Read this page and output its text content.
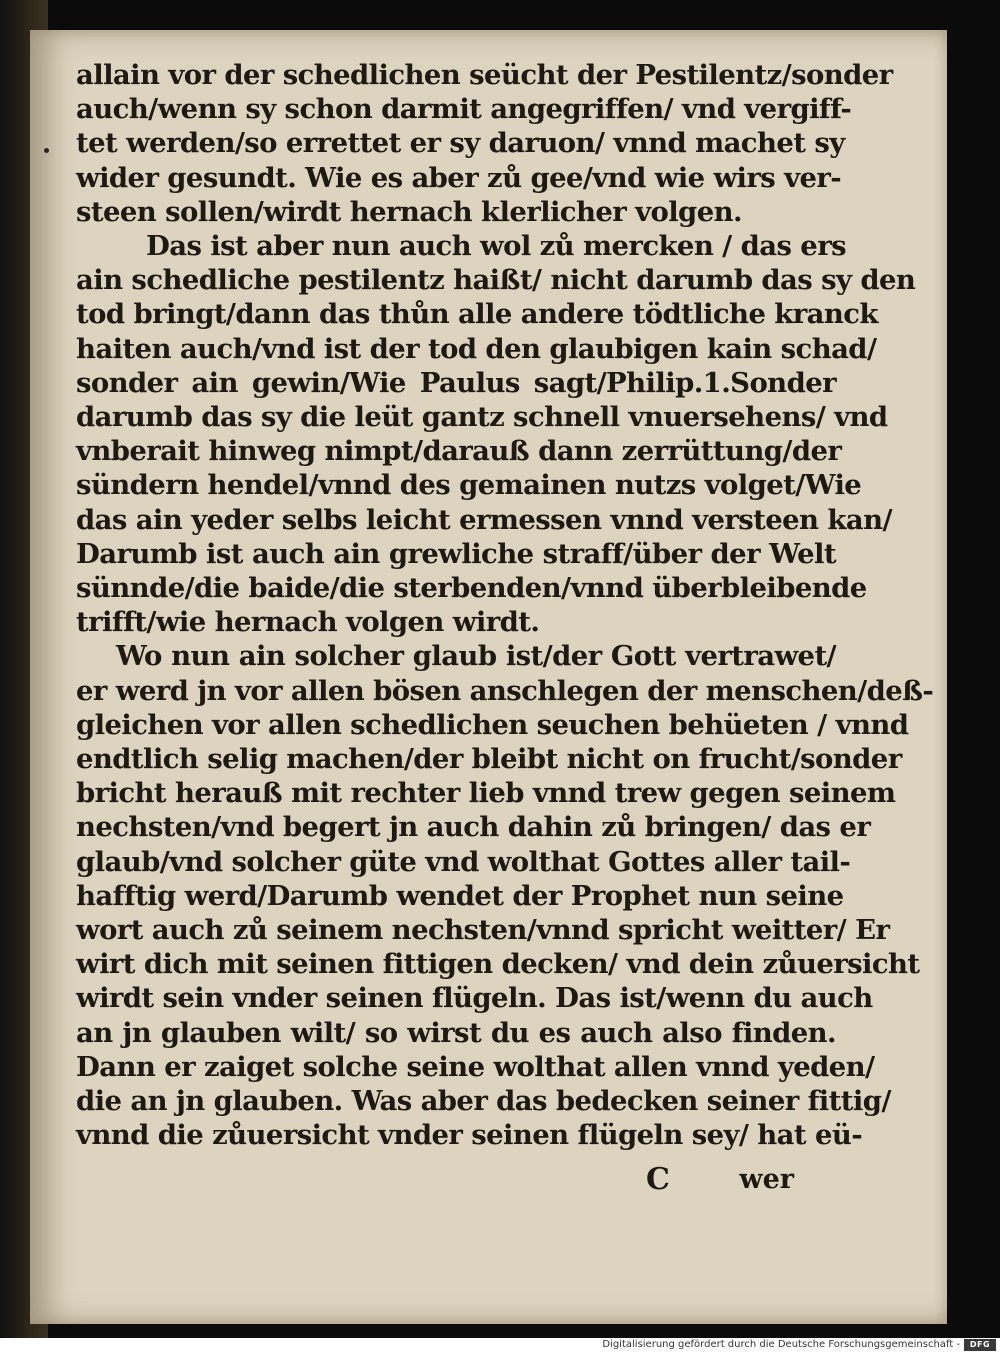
allain vor der schedlichen seücht der Pestilentz/sonder
auch/wenn sy schon darmit angegriffen/ vnd vergiff-
tet werden/so errettet er sy daruon/ vnnd machet sy
wider gesundt. Wie es aber zů gee/vnd wie wirs ver-
steen sollen/wirdt hernach klerlicher volgen.
Das ist aber nun auch wol zů mercken / das ers
ain schedliche pestilentz haißt/ nicht darumb das sy den
tod bringt/dann das thůn alle andere tödtliche kranck
haiten auch/vnd ist der tod den glaubigen kain schad/
sonder ain gewin/Wie Paulus sagt/Philip.1.Sonder
darumb das sy die leüt gantz schnell vnuersehens/ vnd
vnberait hinweg nimpt/darauß dann zerrüttung/der
sündern hendel/vnnd des gemainen nutzs volget/Wie
das ain yeder selbs leicht ermessen vnnd versteen kan/
Darumb ist auch ain grewliche straff/über der Welt
sünnde/die baide/die sterbenden/vnnd überbleibende
trifft/wie hernach volgen wirdt.
Wo nun ain solcher glaub ist/der Gott vertrawet/
er werd jn vor allen bösen anschlegen der menschen/deß-
gleichen vor allen schedlichen seuchen behüeten / vnnd
endtlich selig machen/der bleibt nicht on frucht/sonder
bricht herauß mit rechter lieb vnnd trew gegen seinem
nechsten/vnd begert jn auch dahin zů bringen/ das er
glaub/vnd solcher güte vnd wolthat Gottes aller tail-
hafftig werd/Darumb wendet der Prophet nun seine
wort auch zů seinem nechsten/vnnd spricht weitter/ Er
wirt dich mit seinen fittigen decken/ vnd dein zůuersicht
wirdt sein vnder seinen flügeln. Das ist/wenn du auch
an jn glauben wilt/ so wirst du es auch also finden.
Dann er zaiget solche seine wolthat allen vnnd yeden/
die an jn glauben. Was aber das bedecken seiner fittig/
vnnd die zůuersicht vnder seinen flügeln sey/ hat eü-
C	wer
Digitalisierung gefördert durch die Deutsche Forschungsgemeinschaft -	DFG
